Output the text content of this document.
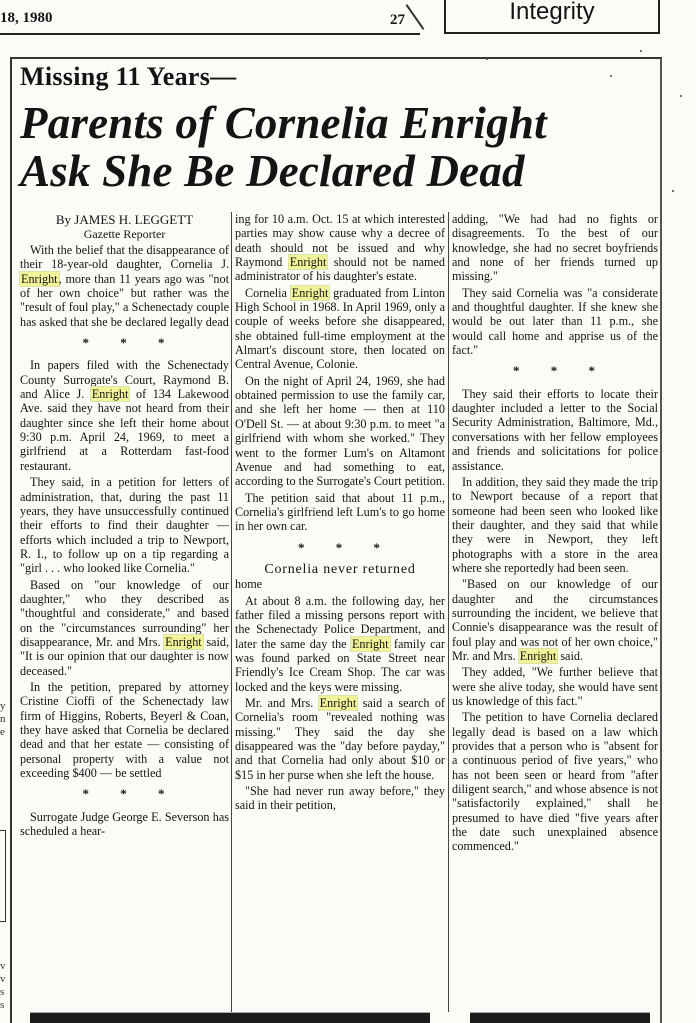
18, 1980	27	Integrity
Missing 11 Years—
Parents of Cornelia Enright
Ask She Be Declared Dead
By JAMES H. LEGGETT
Gazette Reporter

With the belief that the disappearance of their 18-year-old daughter, Cornelia J. Enright, more than 11 years ago was "not of her own choice" but rather was the "result of foul play," a Schenectady couple has asked that she be declared legally dead

* * *

In papers filed with the Schenectady County Surrogate's Court, Raymond B. and Alice J. Enright of 134 Lakewood Ave. said they have not heard from their daughter since she left their home about 9:30 p.m. April 24, 1969, to meet a girlfriend at a Rotterdam fast-food restaurant.

They said, in a petition for letters of administration, that, during the past 11 years, they have unsuccessfully continued their efforts to find their daughter — efforts which included a trip to Newport, R. I., to follow up on a tip regarding a "girl . . . who looked like Cornelia."

Based on "our knowledge of our daughter," who they described as "thoughtful and considerate," and based on the "circumstances surrounding" her disappearance, Mr. and Mrs. Enright said, "It is our opinion that our daughter is now deceased."

In the petition, prepared by attorney Cristine Cioffi of the Schenectady law firm of Higgins, Roberts, Beyerl & Coan, they have asked that Cornelia be declared dead and that her estate — consisting of personal property with a value not exceeding $400 — be settled

* * *

Surrogate Judge George E. Severson has scheduled a hear-

ing for 10 a.m. Oct. 15 at which interested parties may show cause why a decree of death should not be issued and why Raymond Enright should not be named administrator of his daughter's estate.

Cornelia Enright graduated from Linton High School in 1968. In April 1969, only a couple of weeks before she disappeared, she obtained full-time employment at the Almart's discount store, then located on Central Avenue, Colonie.

On the night of April 24, 1969, she had obtained permission to use the family car, and she left her home — then at 110 O'Dell St. — at about 9:30 p.m. to meet "a girlfriend with whom she worked." They went to the former Lum's on Altamont Avenue and had something to eat, according to the Surrogate's Court petition.

The petition said that about 11 p.m., Cornelia's girlfriend left Lum's to go home in her own car.

* * *

Cornelia never returned

home

At about 8 a.m. the following day, her father filed a missing persons report with the Schenectady Police Department, and later the same day the Enright family car was found parked on State Street near Friendly's Ice Cream Shop. The car was locked and the keys were missing.

Mr. and Mrs. Enright said a search of Cornelia's room "revealed nothing was missing." They said the day she disappeared was the "day before payday," and that Cornelia had only about $10 or $15 in her purse when she left the house.

"She had never run away before," they said in their petition,

adding, "We had had no fights or disagreements. To the best of our knowledge, she had no secret boyfriends and none of her friends turned up missing."

They said Cornelia was "a considerate and thoughtful daughter. If she knew she would be out later than 11 p.m., she would call home and apprise us of the fact."

* * *

They said their efforts to locate their daughter included a letter to the Social Security Administration, Baltimore, Md., conversations with her fellow employees and friends and solicitations for police assistance.

In addition, they said they made the trip to Newport because of a report that someone had been seen who looked like their daughter, and they said that while they were in Newport, they left photographs with a store in the area where she reportedly had been seen.

"Based on our knowledge of our daughter and the circumstances surrounding the incident, we believe that Connie's disappearance was the result of foul play and was not of her own choice," Mr. and Mrs. Enright said.

They added, "We further believe that were she alive today, she would have sent us knowledge of this fact."

The petition to have Cornelia declared legally dead is based on a law which provides that a person who is "absent for a continuous period of five years," who has not been seen or heard from "after diligent search," and whose absence is not "satisfactorily explained," shall he presumed to have died "five years after the date such unexplained absence commenced."

y
n
e
v
v
s
s
